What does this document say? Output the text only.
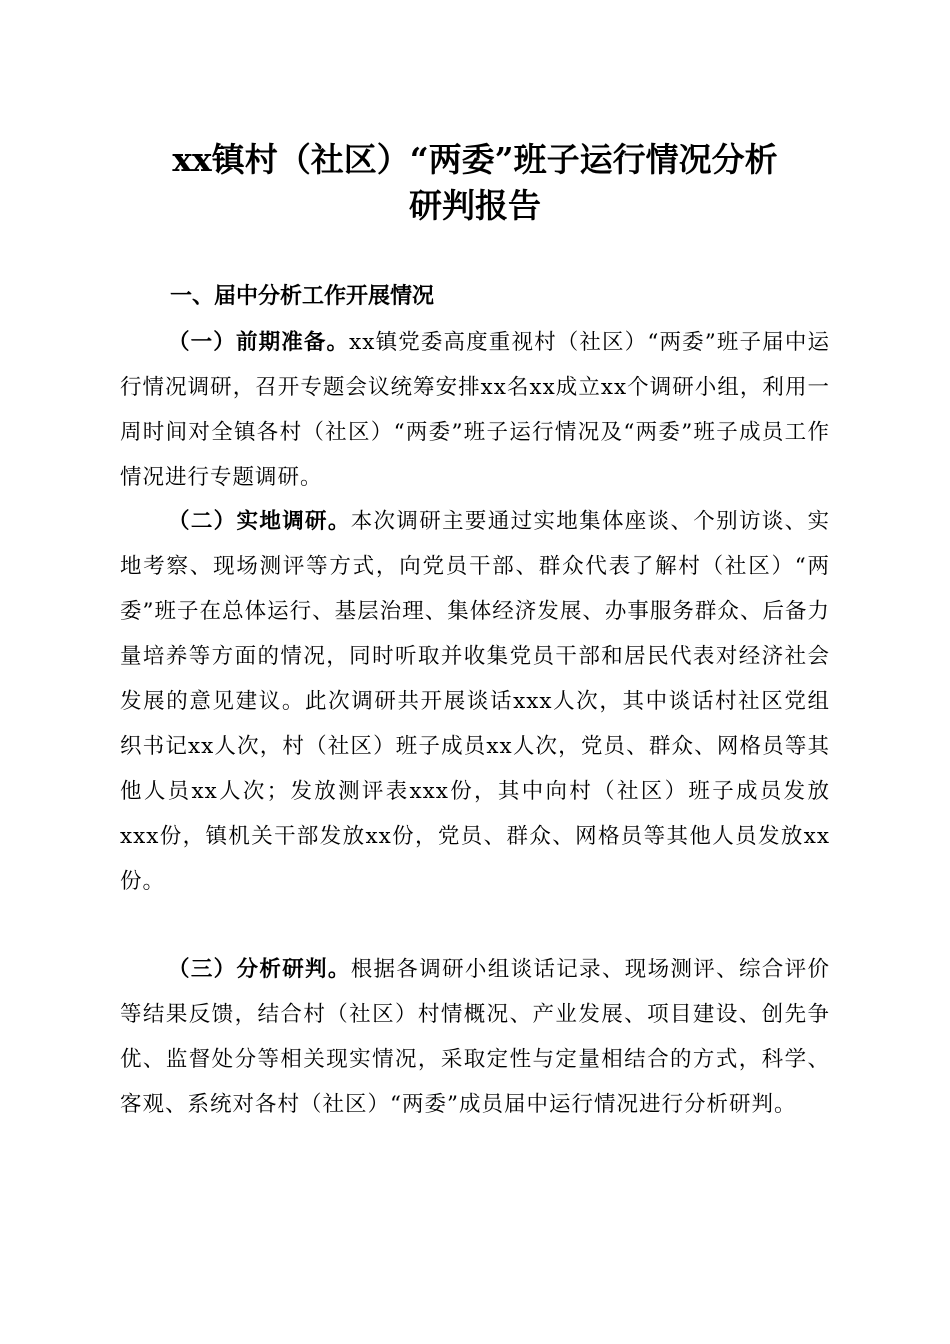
xx镇村（社区）“两委”班子运行情况分析
研判报告
一、届中分析工作开展情况

（一）前期准备。xx镇党委高度重视村（社区）“两委”班子届中运行情况调研，召开专题会议统筹安排xx名xx成立xx个调研小组，利用一周时间对全镇各村（社区）“两委”班子运行情况及“两委”班子成员工作情况进行专题调研。

（二）实地调研。本次调研主要通过实地集体座谈、个别访谈、实地考察、现场测评等方式，向党员干部、群众代表了解村（社区）“两委”班子在总体运行、基层治理、集体经济发展、办事服务群众、后备力量培养等方面的情况，同时听取并收集党员干部和居民代表对经济社会发展的意见建议。此次调研共开展谈话xxx人次，其中谈话村社区党组织书记xx人次，村（社区）班子成员xx人次，党员、群众、网格员等其他人员xx人次；发放测评表xxx份，其中向村（社区）班子成员发放xxx份，镇机关干部发放xx份，党员、群众、网格员等其他人员发放xx份。

（三）分析研判。根据各调研小组谈话记录、现场测评、综合评价等结果反馈，结合村（社区）村情概况、产业发展、项目建设、创先争优、监督处分等相关现实情况，采取定性与定量相结合的方式，科学、客观、系统对各村（社区）“两委”成员届中运行情况进行分析研判。
